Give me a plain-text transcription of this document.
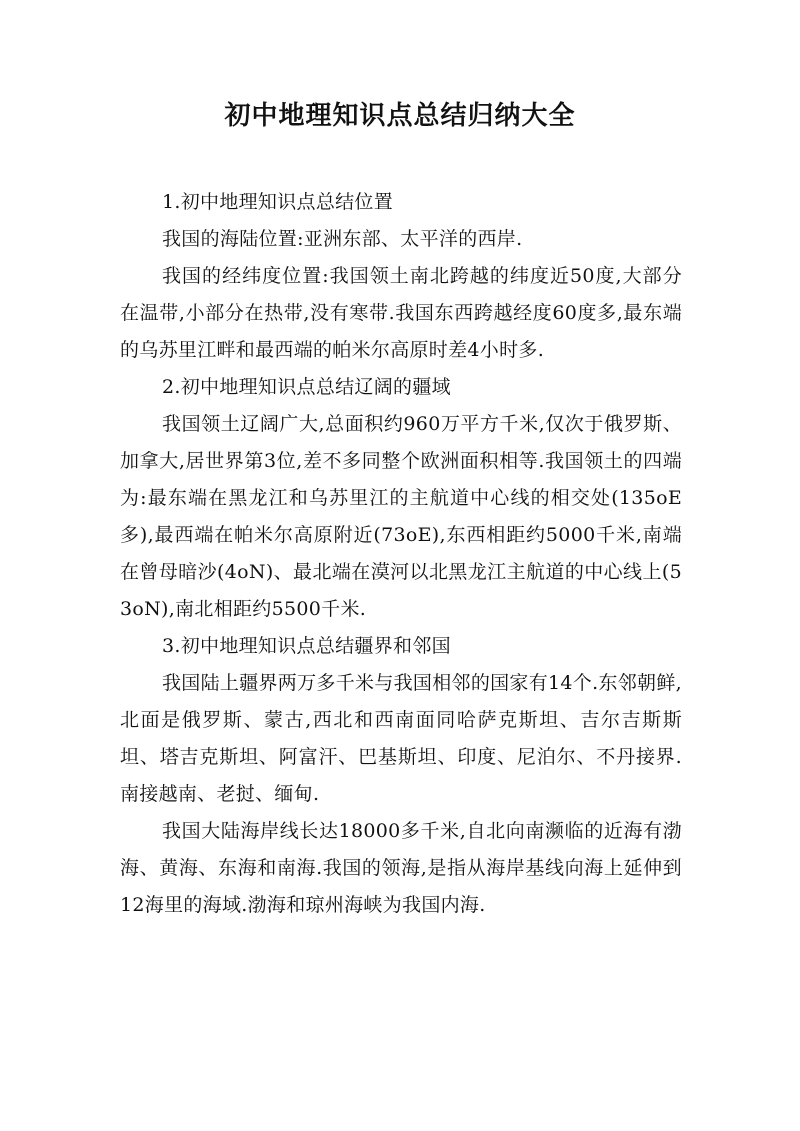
初中地理知识点总结归纳大全

1.初中地理知识点总结位置

我国的海陆位置:亚洲东部、太平洋的西岸.

我国的经纬度位置:我国领土南北跨越的纬度近50度,大部分在温带,小部分在热带,没有寒带.我国东西跨越经度60度多,最东端的乌苏里江畔和最西端的帕米尔高原时差4小时多.

2.初中地理知识点总结辽阔的疆域

我国领土辽阔广大,总面积约960万平方千米,仅次于俄罗斯、加拿大,居世界第3位,差不多同整个欧洲面积相等.我国领土的四端为:最东端在黑龙江和乌苏里江的主航道中心线的相交处(135oE多),最西端在帕米尔高原附近(73oE),东西相距约5000千米,南端在曾母暗沙(4oN)、最北端在漠河以北黑龙江主航道的中心线上(53oN),南北相距约5500千米.

3.初中地理知识点总结疆界和邻国

我国陆上疆界两万多千米与我国相邻的国家有14个.东邻朝鲜,北面是俄罗斯、蒙古,西北和西南面同哈萨克斯坦、吉尔吉斯斯坦、塔吉克斯坦、阿富汗、巴基斯坦、印度、尼泊尔、不丹接界.南接越南、老挝、缅甸.

我国大陆海岸线长达18000多千米,自北向南濒临的近海有渤海、黄海、东海和南海.我国的领海,是指从海岸基线向海上延伸到12海里的海域.渤海和琼州海峡为我国内海.
